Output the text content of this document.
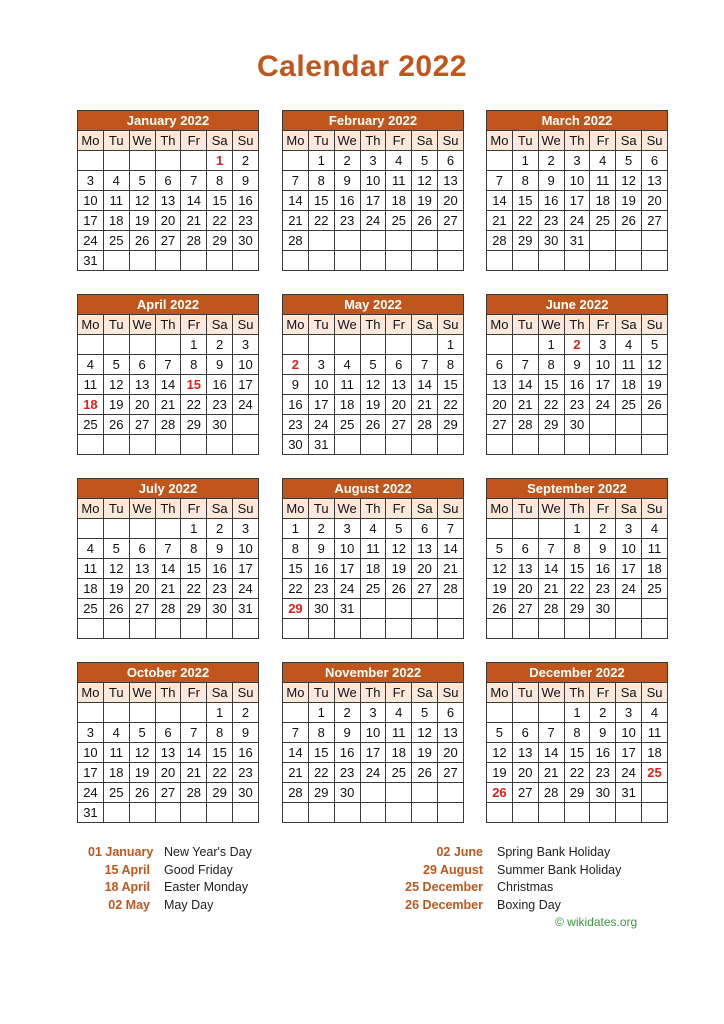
Calendar 2022
January 2022
Mo	Tu	We	Th	Fr	Sa	Su
					1	2
3	4	5	6	7	8	9
10	11	12	13	14	15	16
17	18	19	20	21	22	23
24	25	26	27	28	29	30
31						
February 2022
Mo	Tu	We	Th	Fr	Sa	Su
	1	2	3	4	5	6
7	8	9	10	11	12	13
14	15	16	17	18	19	20
21	22	23	24	25	26	27
28						

March 2022
Mo	Tu	We	Th	Fr	Sa	Su
	1	2	3	4	5	6
7	8	9	10	11	12	13
14	15	16	17	18	19	20
21	22	23	24	25	26	27
28	29	30	31			

April 2022
Mo	Tu	We	Th	Fr	Sa	Su
				1	2	3
4	5	6	7	8	9	10
11	12	13	14	15	16	17
18	19	20	21	22	23	24
25	26	27	28	29	30	

May 2022
Mo	Tu	We	Th	Fr	Sa	Su
						1
2	3	4	5	6	7	8
9	10	11	12	13	14	15
16	17	18	19	20	21	22
23	24	25	26	27	28	29
30	31					
June 2022
Mo	Tu	We	Th	Fr	Sa	Su
		1	2	3	4	5
6	7	8	9	10	11	12
13	14	15	16	17	18	19
20	21	22	23	24	25	26
27	28	29	30			

July 2022
Mo	Tu	We	Th	Fr	Sa	Su
				1	2	3
4	5	6	7	8	9	10
11	12	13	14	15	16	17
18	19	20	21	22	23	24
25	26	27	28	29	30	31

August 2022
Mo	Tu	We	Th	Fr	Sa	Su
1	2	3	4	5	6	7
8	9	10	11	12	13	14
15	16	17	18	19	20	21
22	23	24	25	26	27	28
29	30	31				

September 2022
Mo	Tu	We	Th	Fr	Sa	Su
			1	2	3	4
5	6	7	8	9	10	11
12	13	14	15	16	17	18
19	20	21	22	23	24	25
26	27	28	29	30		

October 2022
Mo	Tu	We	Th	Fr	Sa	Su
					1	2
3	4	5	6	7	8	9
10	11	12	13	14	15	16
17	18	19	20	21	22	23
24	25	26	27	28	29	30
31						
November 2022
Mo	Tu	We	Th	Fr	Sa	Su
	1	2	3	4	5	6
7	8	9	10	11	12	13
14	15	16	17	18	19	20
21	22	23	24	25	26	27
28	29	30				

December 2022
Mo	Tu	We	Th	Fr	Sa	Su
			1	2	3	4
5	6	7	8	9	10	11
12	13	14	15	16	17	18
19	20	21	22	23	24	25
26	27	28	29	30	31	

01 January New Year's Day
15 April Good Friday
18 April Easter Monday
02 May May Day
02 June Spring Bank Holiday
29 August Summer Bank Holiday
25 December Christmas
26 December Boxing Day
© wikidates.org
